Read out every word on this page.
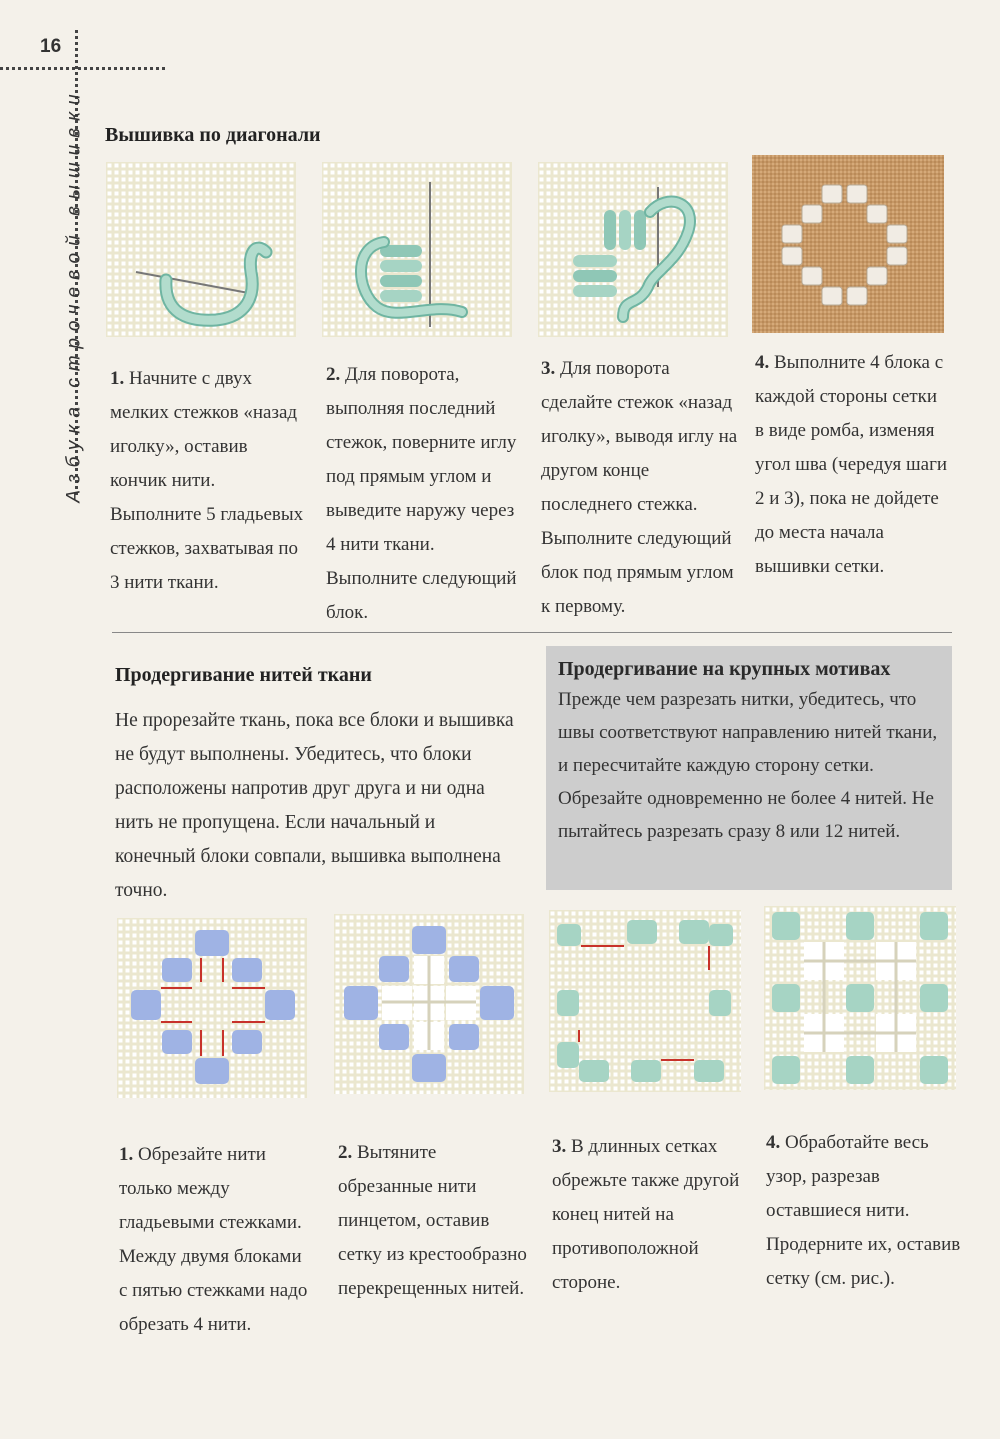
16
Азбука строчевой вышивки Вышивка по диагонали
1. Начните с двух мелких стежков «назад иголку», оставив кончик нити. Выполните 5 гладьевых стежков, захватывая по 3 нити ткани.
2. Для поворота, выполняя последний стежок, поверните иглу под прямым углом и выведите наружу через 4 нити ткани. Выполните следующий блок.
3. Для поворота сделайте стежок «назад иголку», выводя иглу на другом конце последнего стежка. Выполните следующий блок под прямым углом к первому.
4. Выполните 4 блока с каждой стороны сетки в виде ромба, изменяя угол шва (чередуя шаги 2 и 3), пока не дойдете до места начала вышивки сетки.
Продергивание нитей ткани
Не прорезайте ткань, пока все блоки и вышивка не будут выполнены. Убедитесь, что блоки расположены напротив друг друга и ни одна нить не пропущена. Если начальный и конечный блоки совпали, вышивка выполнена точно.
Продергивание на крупных мотивах
Прежде чем разрезать нитки, убедитесь, что швы соответствуют направлению нитей ткани, и пересчитайте каждую сторону сетки. Обрезайте одновременно не более 4 нитей. Не пытайтесь разрезать сразу 8 или 12 нитей.
1. Обрезайте нити только между гладьевыми стежками. Между двумя блоками с пятью стежками надо обрезать 4 нити.
2. Вытяните обрезанные нити пинцетом, оставив сетку из крестообразно перекрещенных нитей.
3. В длинных сетках обрежьте также другой конец нитей на противоположной стороне.
4. Обработайте весь узор, разрезав оставшиеся нити. Продерните их, оставив сетку (см. рис.).
